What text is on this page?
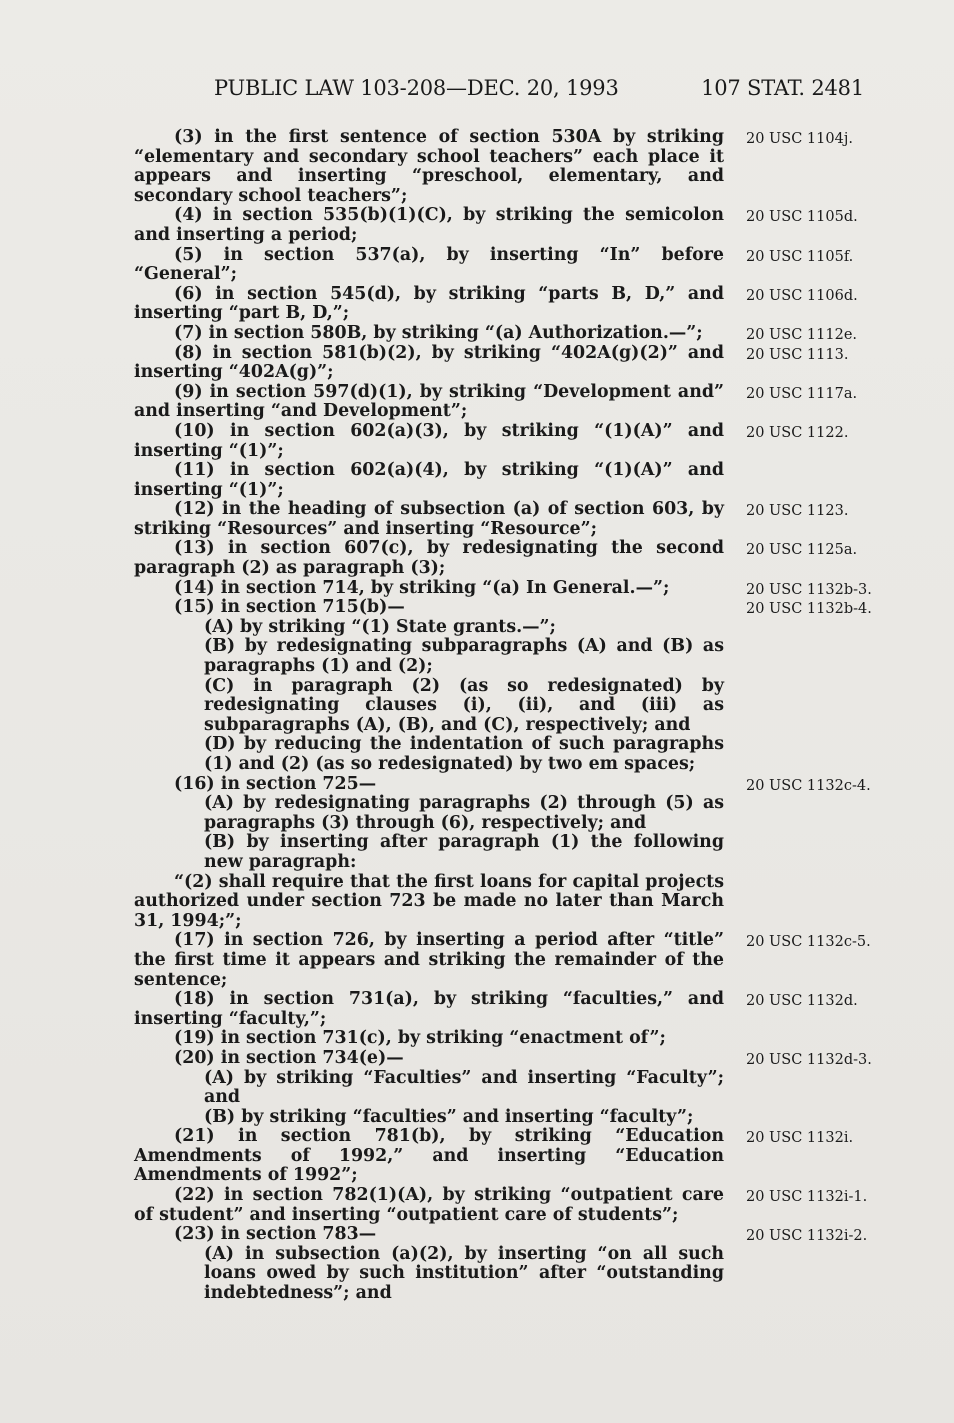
PUBLIC LAW 103-208—DEC. 20, 1993	107 STAT. 2481

(3) in the first sentence of section 530A by striking “elementary and secondary school teachers” each place it appears and inserting “preschool, elementary, and secondary school teachers”;

20 USC 1104j.

(4) in section 535(b)(1)(C), by striking the semicolon and inserting a period;

20 USC 1105d.

(5) in section 537(a), by inserting “In” before “General”;

20 USC 1105f.

(6) in section 545(d), by striking “parts B, D,” and inserting “part B, D,”;

20 USC 1106d.

(7) in section 580B, by striking “(a) Authorization.—”;	20 USC 1112e.

(8) in section 581(b)(2), by striking “402A(g)(2)” and inserting “402A(g)”;

20 USC 1113.

(9) in section 597(d)(1), by striking “Development and” and inserting “and Development”;

20 USC 1117a.

(10) in section 602(a)(3), by striking “(1)(A)” and inserting “(1)”;

20 USC 1122.

(11) in section 602(a)(4), by striking “(1)(A)” and inserting “(1)”;

(12) in the heading of subsection (a) of section 603, by striking “Resources” and inserting “Resource”;

20 USC 1123.

(13) in section 607(c), by redesignating the second paragraph (2) as paragraph (3);

20 USC 1125a.

(14) in section 714, by striking “(a) In General.—”;	20 USC 1132b-3.

(15) in section 715(b)—	20 USC 1132b-4.

(A) by striking “(1) State grants.—”;

(B) by redesignating subparagraphs (A) and (B) as paragraphs (1) and (2);

(C) in paragraph (2) (as so redesignated) by redesignating clauses (i), (ii), and (iii) as subparagraphs (A), (B), and (C), respectively; and

(D) by reducing the indentation of such paragraphs (1) and (2) (as so redesignated) by two em spaces;

(16) in section 725—	20 USC 1132c-4.

(A) by redesignating paragraphs (2) through (5) as paragraphs (3) through (6), respectively; and

(B) by inserting after paragraph (1) the following new paragraph:

“(2) shall require that the first loans for capital projects authorized under section 723 be made no later than March 31, 1994;”;

(17) in section 726, by inserting a period after “title” the first time it appears and striking the remainder of the sentence;

20 USC 1132c-5.

(18) in section 731(a), by striking “faculties,” and inserting “faculty,”;

20 USC 1132d.

(19) in section 731(c), by striking “enactment of”;

(20) in section 734(e)—	20 USC 1132d-3.

(A) by striking “Faculties” and inserting “Faculty”; and

(B) by striking “faculties” and inserting “faculty”;

(21) in section 781(b), by striking “Education Amendments of 1992,” and inserting “Education Amendments of 1992”;

20 USC 1132i.

(22) in section 782(1)(A), by striking “outpatient care of student” and inserting “outpatient care of students”;

20 USC 1132i-1.

(23) in section 783—	20 USC 1132i-2.

(A) in subsection (a)(2), by inserting “on all such loans owed by such institution” after “outstanding indebtedness”; and
